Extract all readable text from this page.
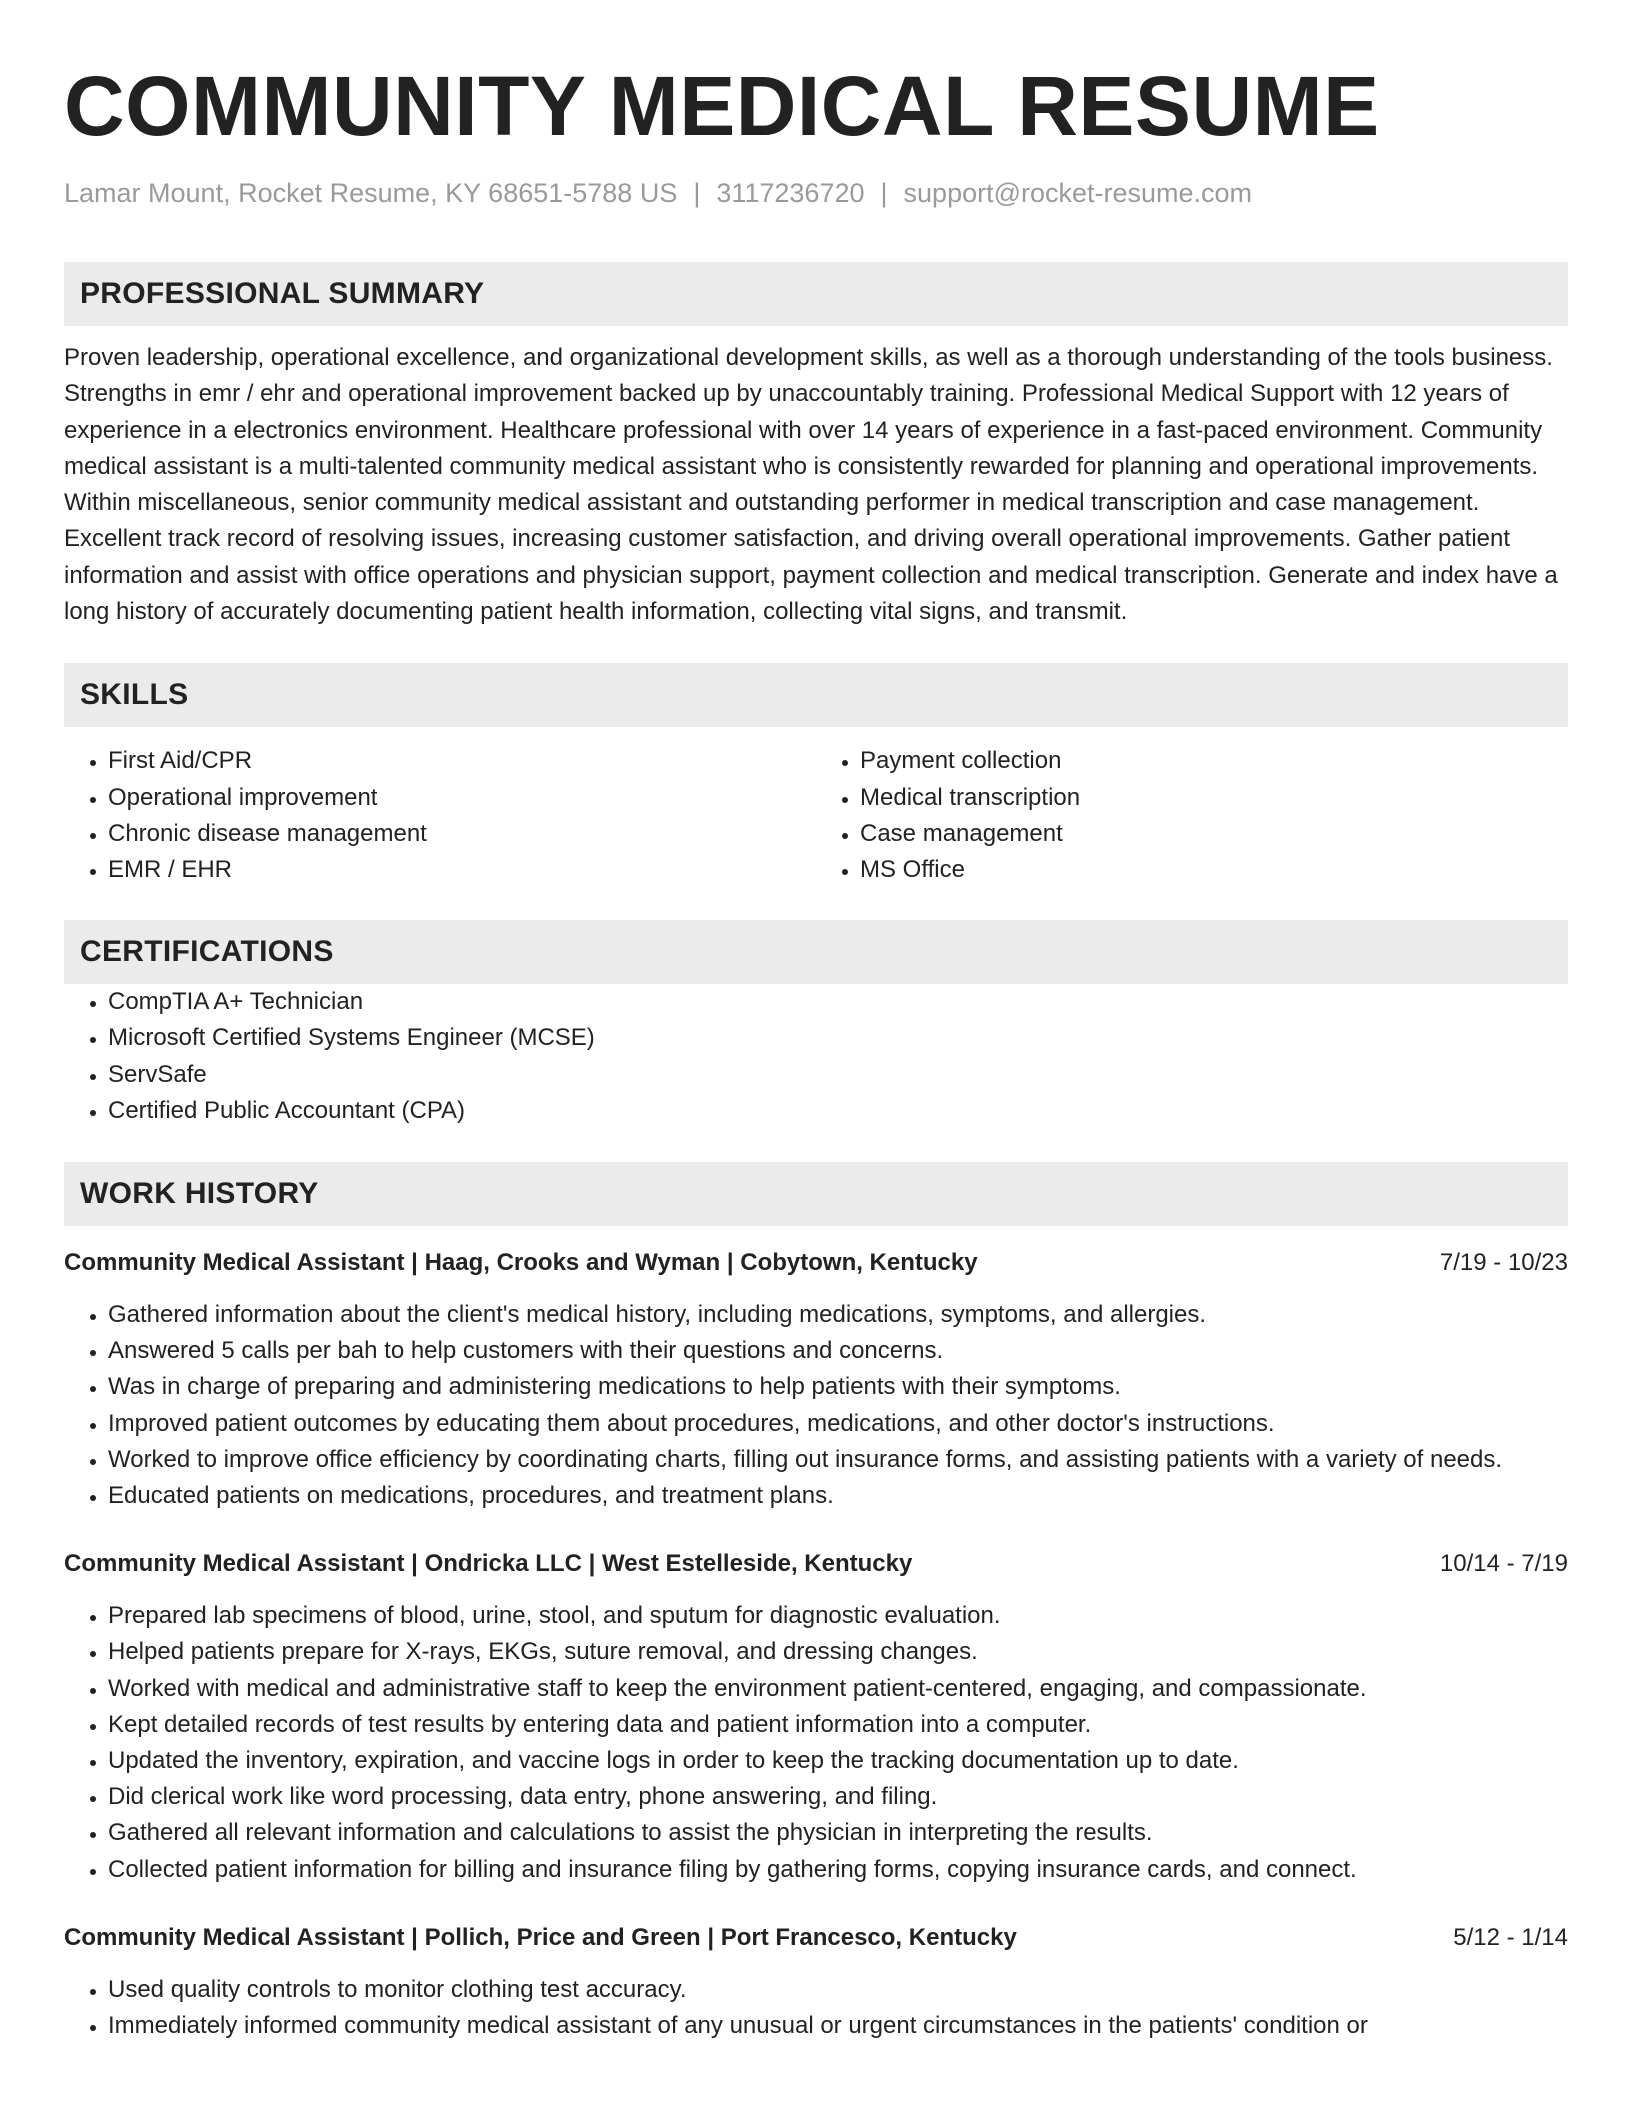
COMMUNITY MEDICAL RESUME
Lamar Mount, Rocket Resume, KY 68651-5788 US | 3117236720 | support@rocket-resume.com
PROFESSIONAL SUMMARY

Proven leadership, operational excellence, and organizational development skills, as well as a thorough understanding of the tools business. Strengths in emr / ehr and operational improvement backed up by unaccountably training. Professional Medical Support with 12 years of experience in a electronics environment. Healthcare professional with over 14 years of experience in a fast-paced environment. Community medical assistant is a multi-talented community medical assistant who is consistently rewarded for planning and operational improvements. Within miscellaneous, senior community medical assistant and outstanding performer in medical transcription and case management. Excellent track record of resolving issues, increasing customer satisfaction, and driving overall operational improvements. Gather patient information and assist with office operations and physician support, payment collection and medical transcription. Generate and index have a long history of accurately documenting patient health information, collecting vital signs, and transmit.

SKILLS
• First Aid/CPR
• Operational improvement
• Chronic disease management
• EMR / EHR
• Payment collection
• Medical transcription
• Case management
• MS Office
CERTIFICATIONS
• CompTIA A+ Technician
• Microsoft Certified Systems Engineer (MCSE)
• ServSafe
• Certified Public Accountant (CPA)
WORK HISTORY
Community Medical Assistant | Haag, Crooks and Wyman | Cobytown, Kentucky	7/19 - 10/23
• Gathered information about the client's medical history, including medications, symptoms, and allergies.
• Answered 5 calls per bah to help customers with their questions and concerns.
• Was in charge of preparing and administering medications to help patients with their symptoms.
• Improved patient outcomes by educating them about procedures, medications, and other doctor's instructions.
• Worked to improve office efficiency by coordinating charts, filling out insurance forms, and assisting patients with a variety of needs.
• Educated patients on medications, procedures, and treatment plans.
Community Medical Assistant | Ondricka LLC | West Estelleside, Kentucky	10/14 - 7/19
• Prepared lab specimens of blood, urine, stool, and sputum for diagnostic evaluation.
• Helped patients prepare for X-rays, EKGs, suture removal, and dressing changes.
• Worked with medical and administrative staff to keep the environment patient-centered, engaging, and compassionate.
• Kept detailed records of test results by entering data and patient information into a computer.
• Updated the inventory, expiration, and vaccine logs in order to keep the tracking documentation up to date.
• Did clerical work like word processing, data entry, phone answering, and filing.
• Gathered all relevant information and calculations to assist the physician in interpreting the results.
• Collected patient information for billing and insurance filing by gathering forms, copying insurance cards, and connect.
Community Medical Assistant | Pollich, Price and Green | Port Francesco, Kentucky	5/12 - 1/14
• Used quality controls to monitor clothing test accuracy.
• Immediately informed community medical assistant of any unusual or urgent circumstances in the patients' condition or
